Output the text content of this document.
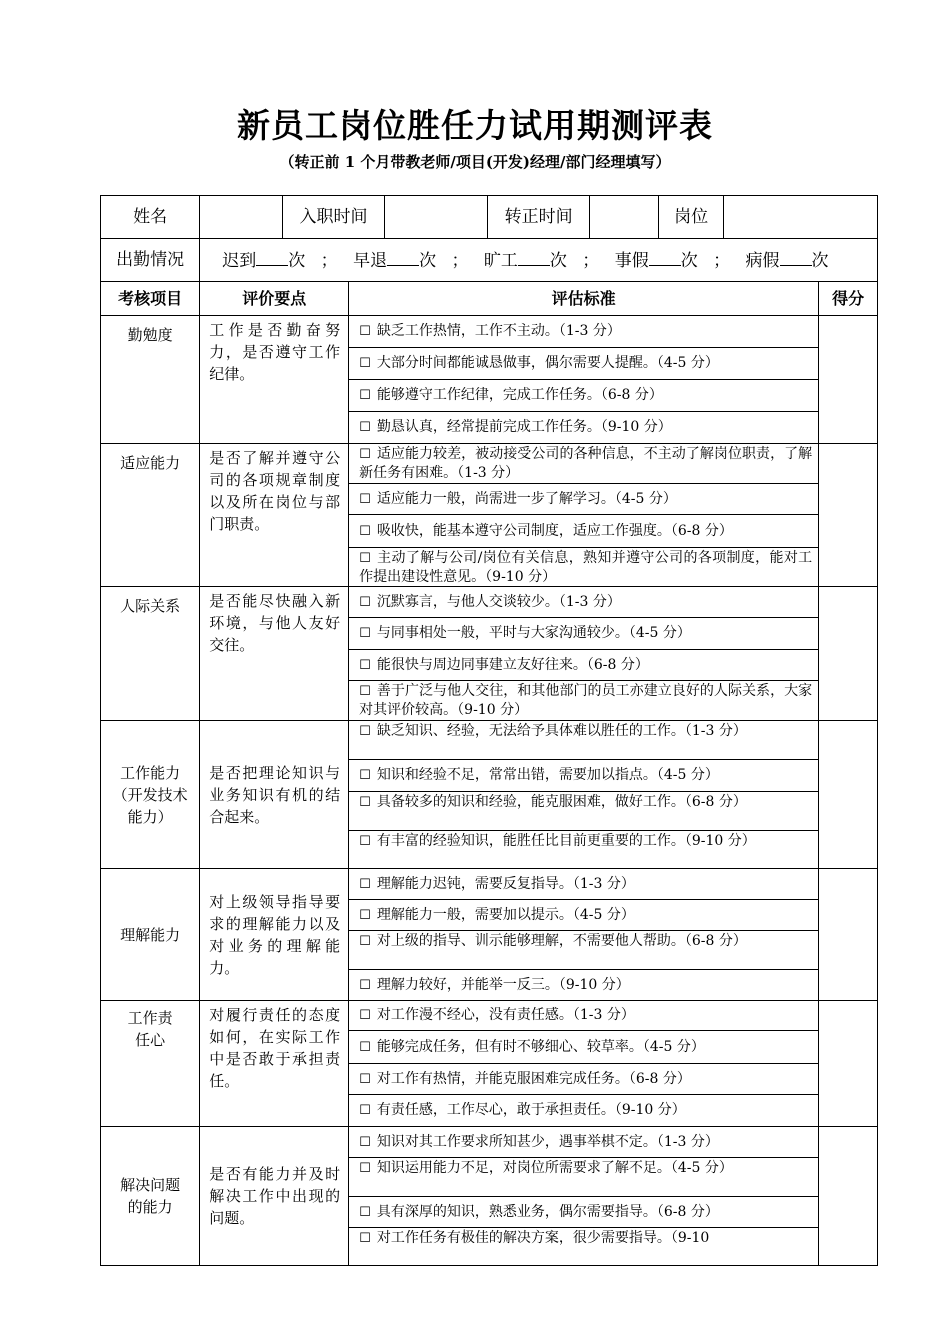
新员工岗位胜任力试用期测评表
（转正前 1 个月带教老师/项目(开发)经理/部门经理填写）
姓名		入职时间			转正时间		岗位	

出勤情况	迟到 次 ； 早退 次 ； 旷工 次 ； 事假 次 ； 病假 次							
考核项目	评价要点		评估标准					得分
勤勉度	工作是否勤奋努力，是否遵守工作纪律。		☐ 缺乏工作热情，工作不主动。（1-3 分）					
			☐ 大部分时间都能诚恳做事，偶尔需要人提醒。（4-5 分）					
			☐ 能够遵守工作纪律，完成工作任务。（6-8 分）					
			☐ 勤恳认真，经常提前完成工作任务。（9-10 分）					
适应能力	是否了解并遵守公司的各项规章制度以及所在岗位与部门职责。		☐ 适应能力较差，被动接受公司的各种信息，不主动了解岗位职责，了解新任务有困难。（1-3 分）					
			☐ 适应能力一般，尚需进一步了解学习。（4-5 分）					
			☐ 吸收快，能基本遵守公司制度，适应工作强度。（6-8 分）					
			☐ 主动了解与公司/岗位有关信息，熟知并遵守公司的各项制度，能对工作提出建设性意见。（9-10 分）					
人际关系	是否能尽快融入新环境，与他人友好交往。		☐ 沉默寡言，与他人交谈较少。（1-3 分）					
			☐ 与同事相处一般，平时与大家沟通较少。（4-5 分）					
			☐ 能很快与周边同事建立友好往来。（6-8 分）					
			☐ 善于广泛与他人交往，和其他部门的员工亦建立良好的人际关系，大家对其评价较高。（9-10 分）					
工作能力（开发技术能力）	是否把理论知识与业务知识有机的结合起来。		☐ 缺乏知识、经验，无法给予具体难以胜任的工作。（1-3 分）					
			☐ 知识和经验不足，常常出错，需要加以指点。（4-5 分）					
			☐ 具备较多的知识和经验，能克服困难，做好工作。（6-8 分）					
			☐ 有丰富的经验知识，能胜任比目前更重要的工作。（9-10 分）					
理解能力	对上级领导指导要求的理解能力以及对业务的理解能力。		☐ 理解能力迟钝，需要反复指导。（1-3 分）					
			☐ 理解能力一般，需要加以提示。（4-5 分）					
			☐ 对上级的指导、训示能够理解，不需要他人帮助。（6-8 分）					
			☐ 理解力较好，并能举一反三。（9-10 分）					
工作责任心	对履行责任的态度如何，在实际工作中是否敢于承担责任。		☐ 对工作漫不经心，没有责任感。（1-3 分）					
			☐ 能够完成任务，但有时不够细心、较草率。（4-5 分）					
			☐ 对工作有热情，并能克服困难完成任务。（6-8 分）					
			☐ 有责任感，工作尽心，敢于承担责任。（9-10 分）					
解决问题的能力	是否有能力并及时解决工作中出现的问题。		☐ 知识对其工作要求所知甚少，遇事举棋不定。（1-3 分）					
			☐ 知识运用能力不足，对岗位所需要求了解不足。（4-5 分）					
			☐ 具有深厚的知识，熟悉业务，偶尔需要指导。（6-8 分）					
			☐ 对工作任务有极佳的解决方案，很少需要指导。（9-10					
